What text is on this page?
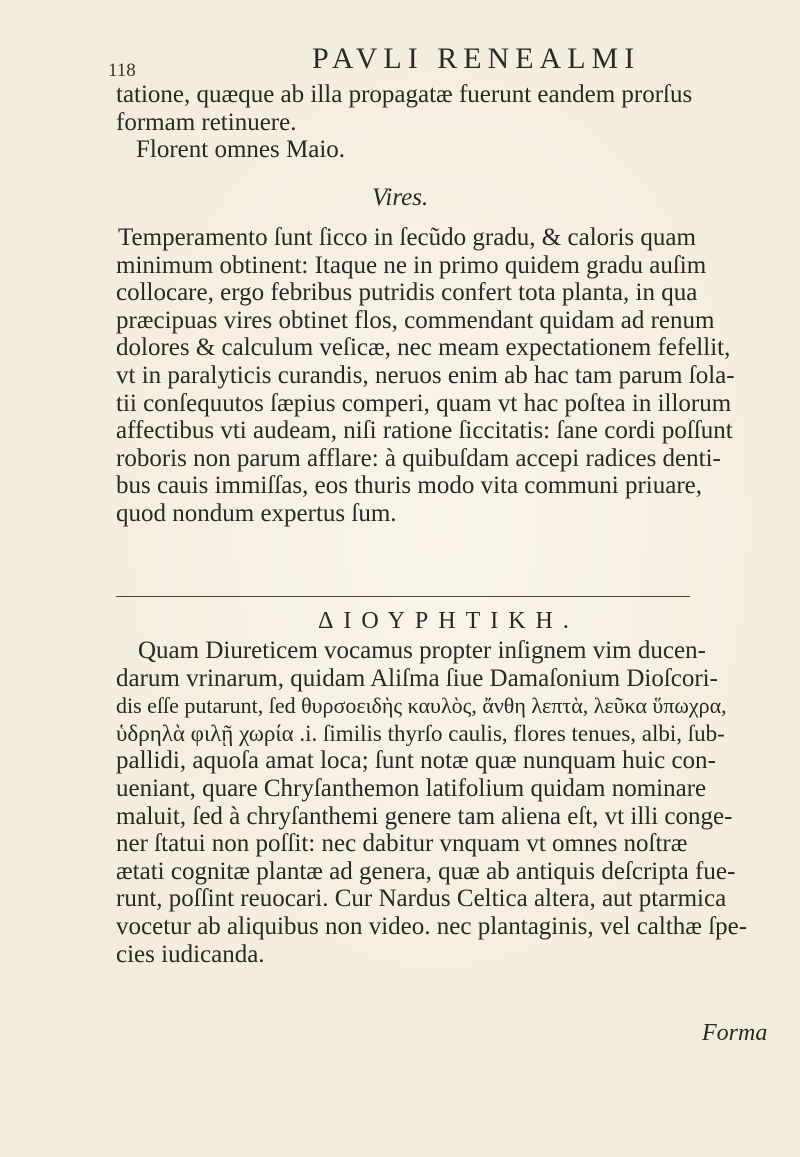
118	PAVLI RENEALMI
tatione, quæque ab illa propagatæ fuerunt eandem prorſus
formam retinuere.
Florent omnes Maio.
Vires.
Temperamento ſunt ſicco in ſecũdo gradu, & caloris quam
minimum obtinent: Itaque ne in primo quidem gradu auſim
collocare, ergo febribus putridis confert tota planta, in qua
præcipuas vires obtinet flos, commendant quidam ad renum
dolores & calculum veſicæ, nec meam expectationem fefellit,
vt in paralyticis curandis, neruos enim ab hac tam parum ſola-
tii conſequutos ſæpius comperi, quam vt hac poſtea in illorum
affectibus vti audeam, niſi ratione ſiccitatis: ſane cordi poſſunt
roboris non parum afflare: à quibuſdam accepi radices denti-
bus cauis immiſſas, eos thuris modo vita communi priuare,
quod nondum expertus ſum.
ΔΙΟΥΡΗΤΙΚΗ.
Quam Diureticem vocamus propter inſignem vim ducen-
darum vrinarum, quidam Aliſma ſiue Damaſonium Dioſcori-
dis eſſe putarunt, ſed θυρσοειδὴς καυλὸς, ἄνθη λεπτὰ, λεῦκα ὕπωχρα,
ὑδρηλὰ φιλῇ χωρία .i. ſimilis thyrſo caulis, flores tenues, albi, ſub-
pallidi, aquoſa amat loca; ſunt notæ quæ nunquam huic con-
ueniant, quare Chryſanthemon latifolium quidam nominare
maluit, ſed à chryſanthemi genere tam aliena eſt, vt illi conge-
ner ſtatui non poſſit: nec dabitur vnquam vt omnes noſtræ
ætati cognitæ plantæ ad genera, quæ ab antiquis deſcripta fue-
runt, poſſint reuocari. Cur Nardus Celtica altera, aut ptarmica
vocetur ab aliquibus non video. nec plantaginis, vel calthæ ſpe-
cies iudicanda.
Forma
